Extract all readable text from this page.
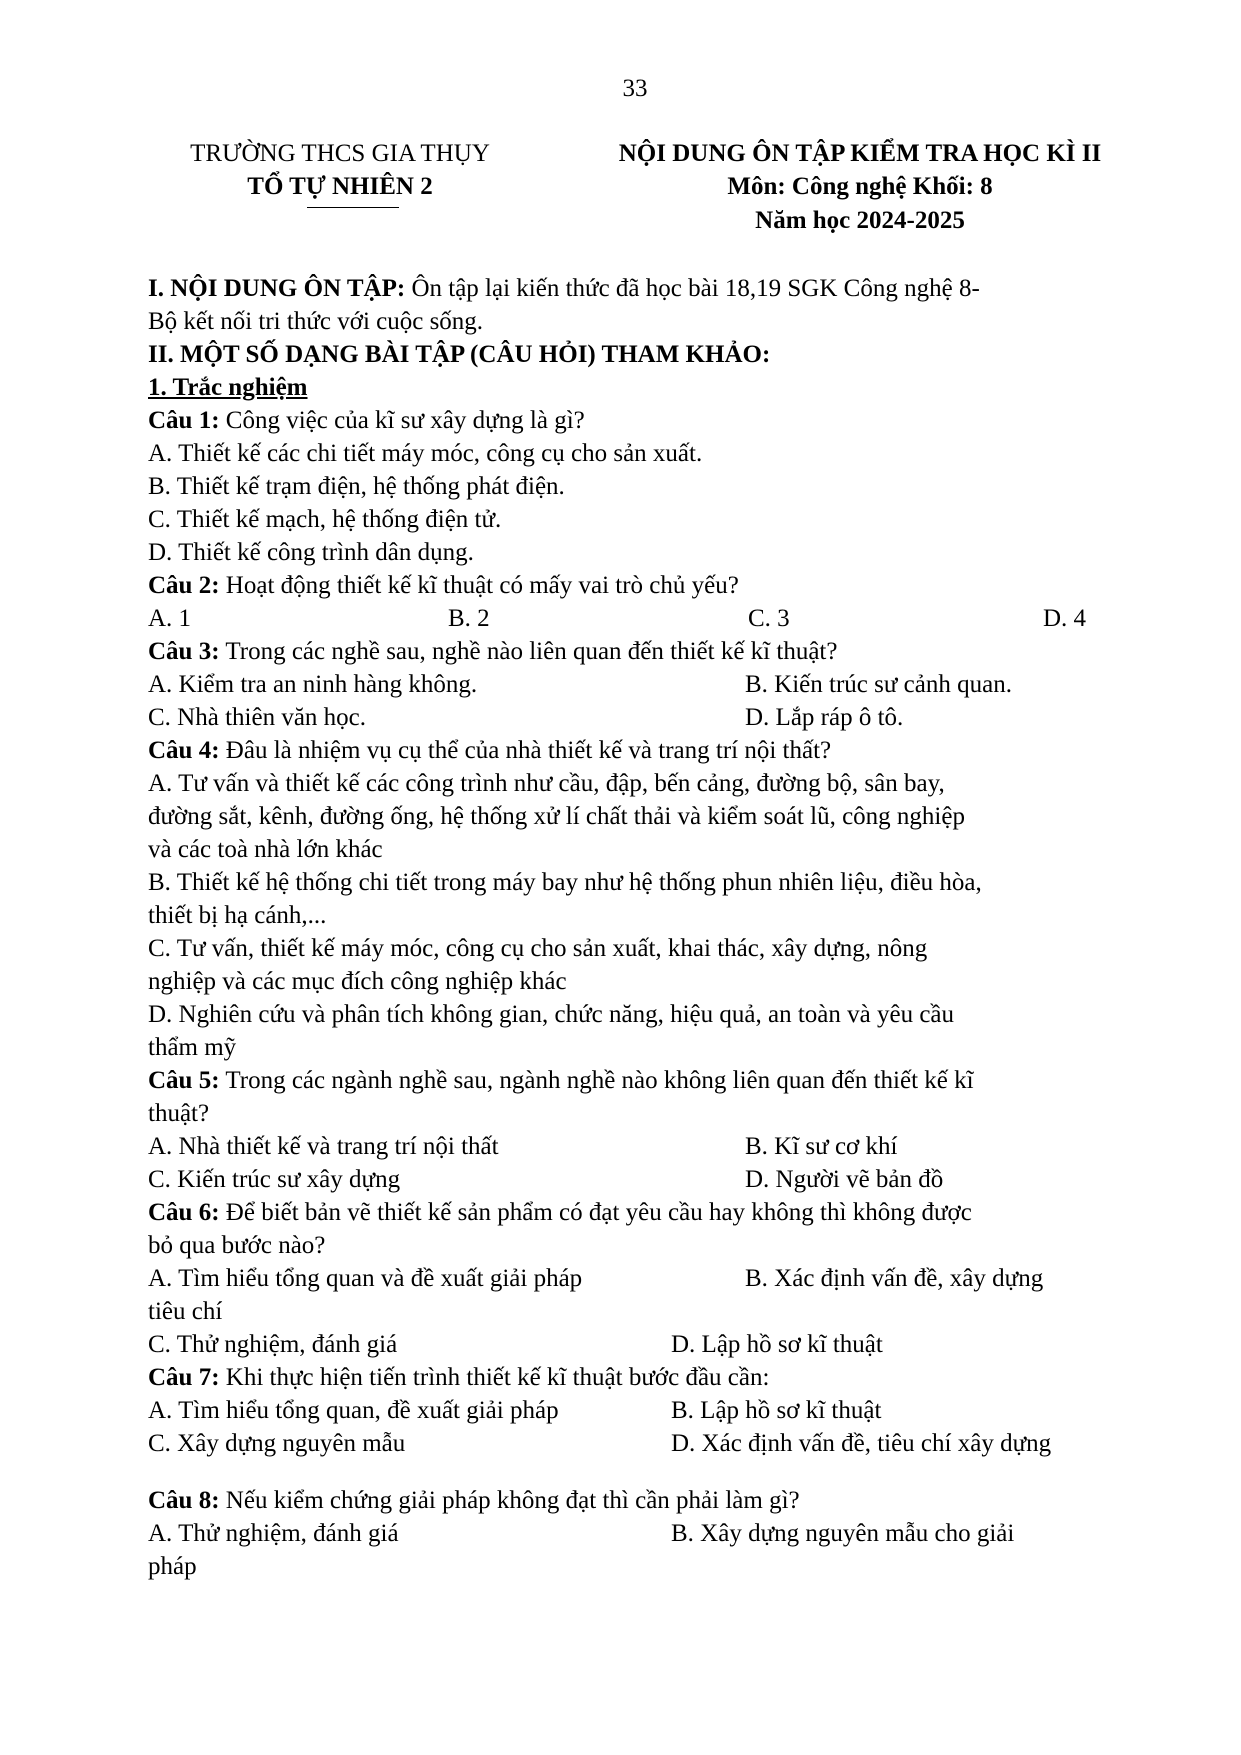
33
TRƯỜNG THCS GIA THỤY
TỔ TỰ NHIÊN 2
NỘI DUNG ÔN TẬP KIỂM TRA HỌC KÌ II
Môn: Công nghệ Khối: 8
Năm học 2024-2025
I. NỘI DUNG ÔN TẬP: Ôn tập lại kiến thức đã học bài 18,19 SGK Công nghệ 8-
Bộ kết nối tri thức với cuộc sống.
II. MỘT SỐ DẠNG BÀI TẬP (CÂU HỎI) THAM KHẢO:
1. Trắc nghiệm
Câu 1: Công việc của kĩ sư xây dựng là gì?
A. Thiết kế các chi tiết máy móc, công cụ cho sản xuất.
B. Thiết kế trạm điện, hệ thống phát điện.
C. Thiết kế mạch, hệ thống điện tử.
D. Thiết kế công trình dân dụng.
Câu 2: Hoạt động thiết kế kĩ thuật có mấy vai trò chủ yếu?
A. 1	B. 2	C. 3	D. 4
Câu 3: Trong các nghề sau, nghề nào liên quan đến thiết kế kĩ thuật?
A. Kiểm tra an ninh hàng không.	B. Kiến trúc sư cảnh quan.
C. Nhà thiên văn học.	D. Lắp ráp ô tô.
Câu 4: Đâu là nhiệm vụ cụ thể của nhà thiết kế và trang trí nội thất?
A. Tư vấn và thiết kế các công trình như cầu, đập, bến cảng, đường bộ, sân bay,
đường sắt, kênh, đường ống, hệ thống xử lí chất thải và kiểm soát lũ, công nghiệp
và các toà nhà lớn khác
B. Thiết kế hệ thống chi tiết trong máy bay như hệ thống phun nhiên liệu, điều hòa,
thiết bị hạ cánh,...
C. Tư vấn, thiết kế máy móc, công cụ cho sản xuất, khai thác, xây dựng, nông
nghiệp và các mục đích công nghiệp khác
D. Nghiên cứu và phân tích không gian, chức năng, hiệu quả, an toàn và yêu cầu
thẩm mỹ
Câu 5: Trong các ngành nghề sau, ngành nghề nào không liên quan đến thiết kế kĩ
thuật?
A. Nhà thiết kế và trang trí nội thất	B. Kĩ sư cơ khí
C. Kiến trúc sư xây dựng	D. Người vẽ bản đồ
Câu 6: Để biết bản vẽ thiết kế sản phẩm có đạt yêu cầu hay không thì không được
bỏ qua bước nào?
A. Tìm hiểu tổng quan và đề xuất giải pháp	B. Xác định vấn đề, xây dựng
tiêu chí
C. Thử nghiệm, đánh giá	D. Lập hồ sơ kĩ thuật
Câu 7: Khi thực hiện tiến trình thiết kế kĩ thuật bước đầu cần:
A. Tìm hiểu tổng quan, đề xuất giải pháp	B. Lập hồ sơ kĩ thuật
C. Xây dựng nguyên mẫu	D. Xác định vấn đề, tiêu chí xây dựng
Câu 8: Nếu kiểm chứng giải pháp không đạt thì cần phải làm gì?
A. Thử nghiệm, đánh giá	B. Xây dựng nguyên mẫu cho giải
pháp
